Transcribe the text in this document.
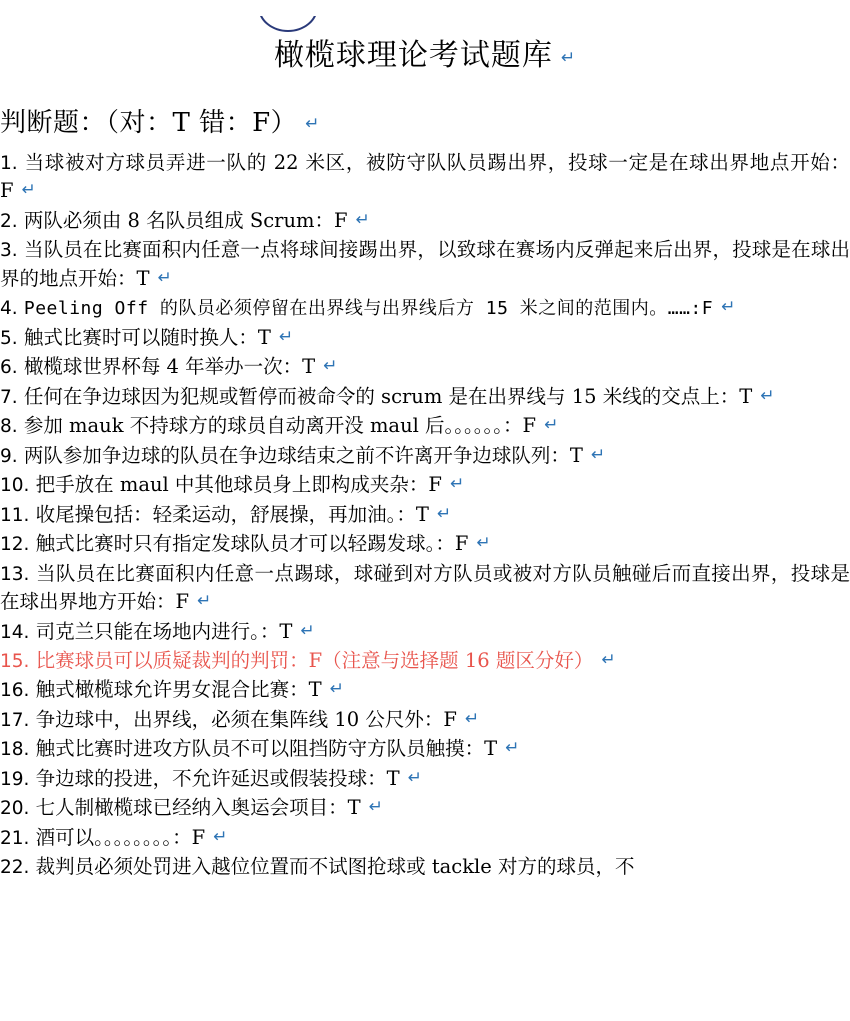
橄榄球理论考试题库 ↵
判断题：（对：T 错：F） ↵
1. 当球被对方球员弄进一队的 22 米区，被防守队队员踢出界，投球一定是在球出界地点开始：F ↵
2. 两队必须由 8 名队员组成 Scrum：F ↵
3. 当队员在比赛面积内任意一点将球间接踢出界，以致球在赛场内反弹起来后出界，投球是在球出界的地点开始：T ↵
4. Peeling Off 的队员必须停留在出界线与出界线后方 15 米之间的范围内。……:F ↵
5. 触式比赛时可以随时换人：T ↵
6. 橄榄球世界杯每 4 年举办一次：T ↵
7. 任何在争边球因为犯规或暂停而被命令的 scrum 是在出界线与 15 米线的交点上：T ↵
8. 参加 mauk 不持球方的球员自动离开没 maul 后。。。。。。：F ↵
9. 两队参加争边球的队员在争边球结束之前不许离开争边球队列：T ↵
10. 把手放在 maul 中其他球员身上即构成夹杂：F ↵
11. 收尾操包括：轻柔运动，舒展操，再加油。：T ↵
12. 触式比赛时只有指定发球队员才可以轻踢发球。：F ↵
13. 当队员在比赛面积内任意一点踢球，球碰到对方队员或被对方队员触碰后而直接出界，投球是在球出界地方开始：F ↵
14. 司克兰只能在场地内进行。：T ↵
15. 比赛球员可以质疑裁判的判罚：F（注意与选择题 16 题区分好） ↵
16. 触式橄榄球允许男女混合比赛：T ↵
17. 争边球中，出界线，必须在集阵线 10 公尺外：F ↵
18. 触式比赛时进攻方队员不可以阻挡防守方队员触摸：T ↵
19. 争边球的投进，不允许延迟或假装投球：T ↵
20. 七人制橄榄球已经纳入奥运会项目：T ↵
21. 酒可以。。。。。。。。：F ↵
22. 裁判员必须处罚进入越位位置而不试图抢球或 tackle 对方的球员，不
